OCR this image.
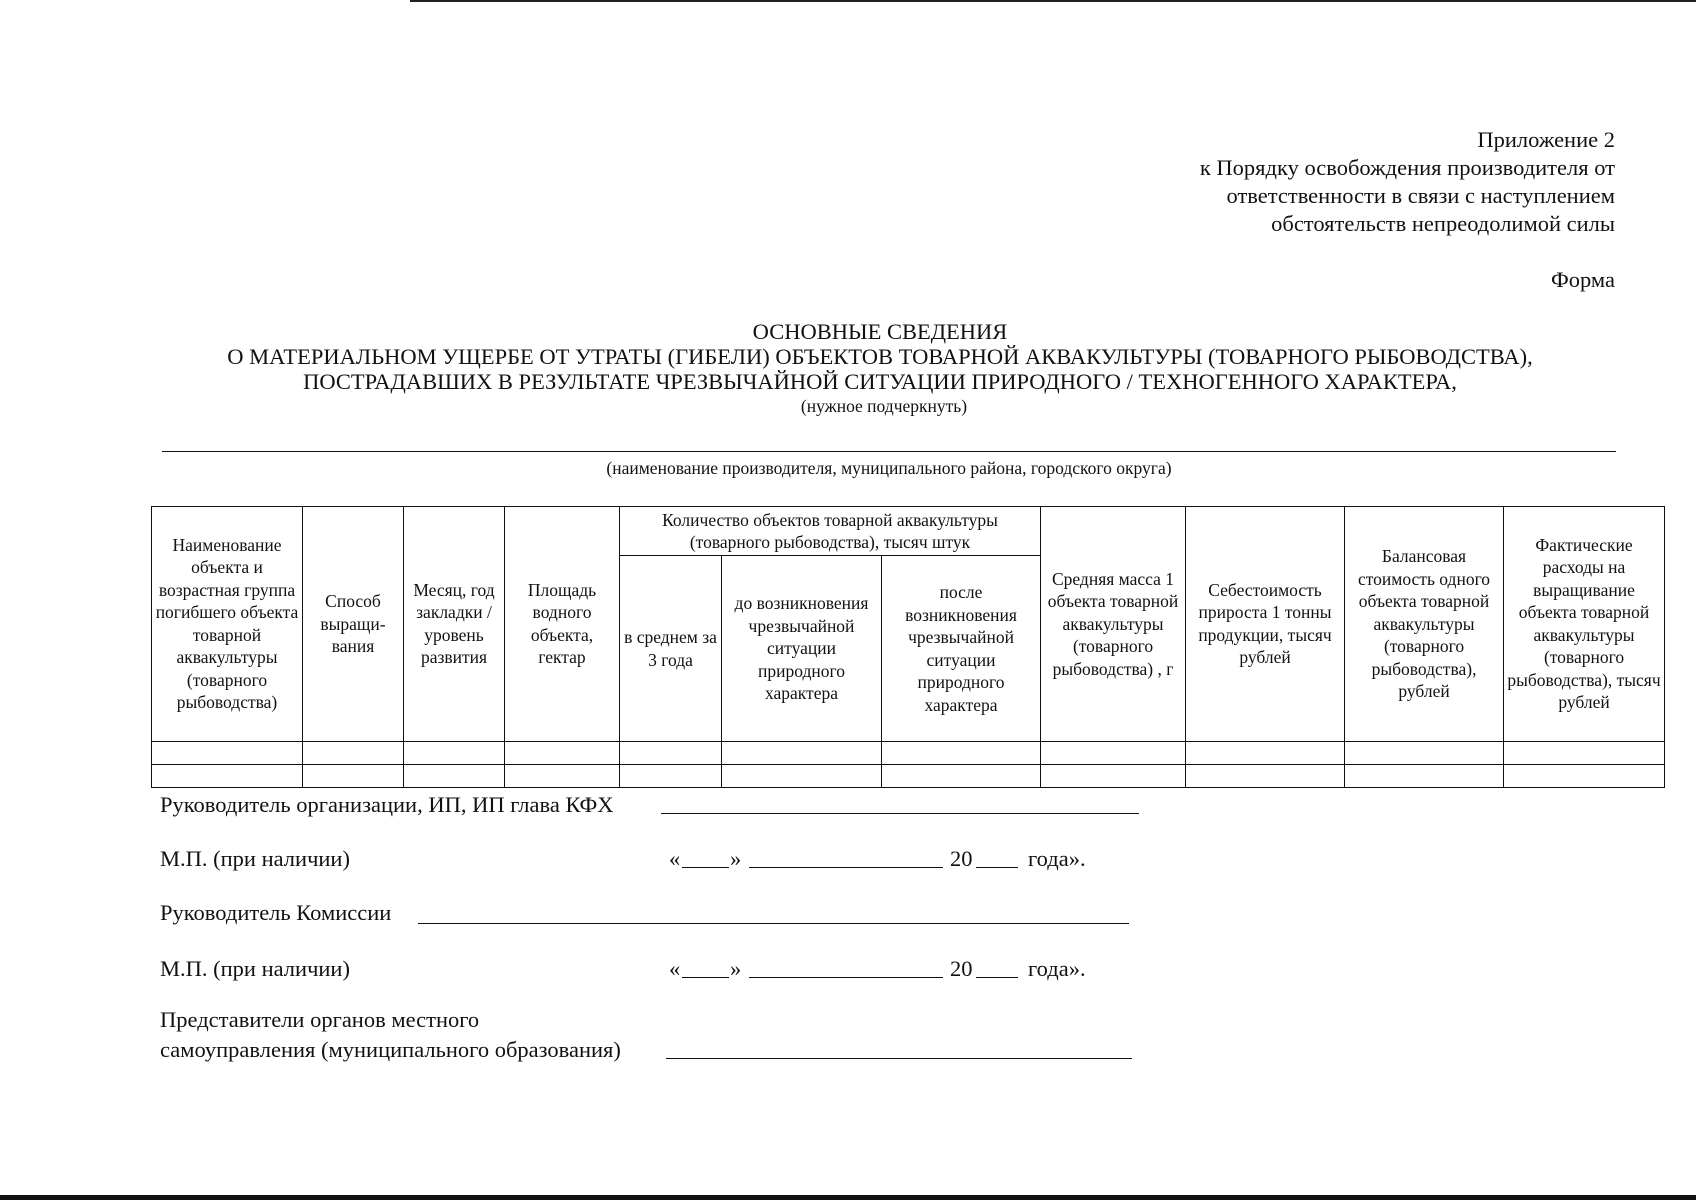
Приложение 2
к Порядку освобождения производителя от
ответственности в связи с наступлением
обстоятельств непреодолимой силы
Форма
ОСНОВНЫЕ СВЕДЕНИЯ
О МАТЕРИАЛЬНОМ УЩЕРБЕ ОТ УТРАТЫ (ГИБЕЛИ) ОБЪЕКТОВ ТОВАРНОЙ АКВАКУЛЬТУРЫ (ТОВАРНОГО РЫБОВОДСТВА),
ПОСТРАДАВШИХ В РЕЗУЛЬТАТЕ ЧРЕЗВЫЧАЙНОЙ СИТУАЦИИ ПРИРОДНОГО / ТЕХНОГЕННОГО ХАРАКТЕРА,
(нужное подчеркнуть)
(наименование производителя, муниципального района, городского округа)
Наименование объекта и возрастная группа погибшего объекта товарной аквакультуры (товарного рыбоводства)	Способ выращи-вания	Месяц, год закладки / уровень развития	Площадь водного объекта, гектар	Количество объектов товарной аквакультуры (товарного рыбоводства), тысяч штук			Средняя масса 1 объекта товарной аквакультуры (товарного рыбоводства) , г	Себестоимость прироста 1 тонны продукции, тысяч рублей	Балансовая стоимость одного объекта товарной аквакультуры (товарного рыбоводства), рублей	Фактические расходы на выращивание объекта товарной аквакультуры (товарного рыбоводства), тысяч рублей
				в среднем за 3 года	до возникновения чрезвычайной ситуации природного характера	после возникновения чрезвычайной ситуации природного характера				

Руководитель организации, ИП, ИП глава КФХ
М.П. (при наличии)	« »	20 года».
Руководитель Комиссии
М.П. (при наличии)	« »	20 года».
Представители органов местного
самоуправления (муниципального образования)
